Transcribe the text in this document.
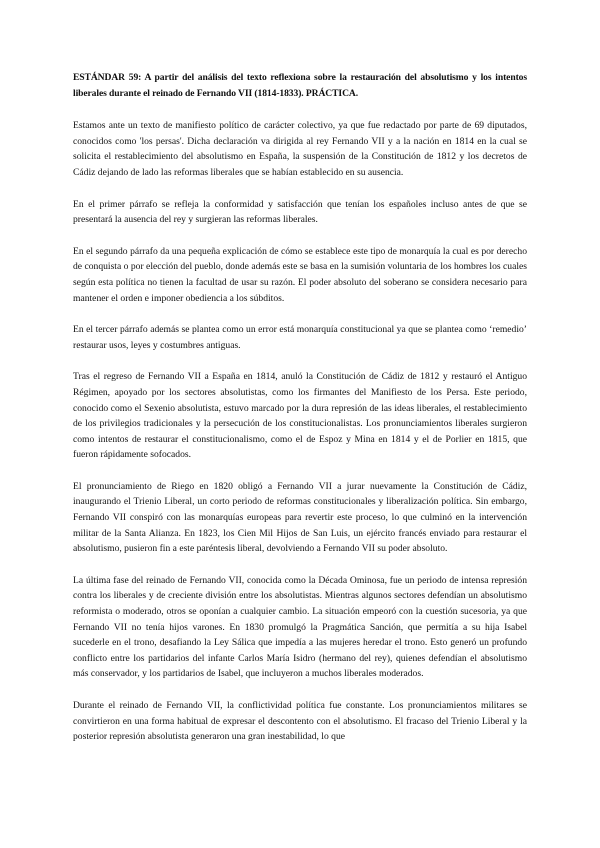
ESTÁNDAR 59: A partir del análisis del texto reflexiona sobre la restauración del absolutismo y los intentos liberales durante el reinado de Fernando VII (1814-1833). PRÁCTICA.

Estamos ante un texto de manifiesto político de carácter colectivo, ya que fue redactado por parte de 69 diputados, conocidos como 'los persas'. Dicha declaración va dirigida al rey Fernando VII y a la nación en 1814 en la cual se solicita el restablecimiento del absolutismo en España, la suspensión de la Constitución de 1812 y los decretos de Cádiz dejando de lado las reformas liberales que se habían establecido en su ausencia.

En el primer párrafo se refleja la conformidad y satisfacción que tenían los españoles incluso antes de que se presentará la ausencia del rey y surgieran las reformas liberales.

En el segundo párrafo da una pequeña explicación de cómo se establece este tipo de monarquía la cual es por derecho de conquista o por elección del pueblo, donde además este se basa en la sumisión voluntaria de los hombres los cuales según esta política no tienen la facultad de usar su razón. El poder absoluto del soberano se considera necesario para mantener el orden e imponer obediencia a los súbditos.

En el tercer párrafo además se plantea como un error está monarquía constitucional ya que se plantea como ‘remedio’ restaurar usos, leyes y costumbres antiguas.

Tras el regreso de Fernando VII a España en 1814, anuló la Constitución de Cádiz de 1812 y restauró el Antiguo Régimen, apoyado por los sectores absolutistas, como los firmantes del Manifiesto de los Persa. Este periodo, conocido como el Sexenio absolutista, estuvo marcado por la dura represión de las ideas liberales, el restablecimiento de los privilegios tradicionales y la persecución de los constitucionalistas. Los pronunciamientos liberales surgieron como intentos de restaurar el constitucionalismo, como el de Espoz y Mina en 1814 y el de Porlier en 1815, que fueron rápidamente sofocados.

El pronunciamiento de Riego en 1820 obligó a Fernando VII a jurar nuevamente la Constitución de Cádiz, inaugurando el Trienio Liberal, un corto periodo de reformas constitucionales y liberalización política. Sin embargo, Fernando VII conspiró con las monarquías europeas para revertir este proceso, lo que culminó en la intervención militar de la Santa Alianza. En 1823, los Cien Mil Hijos de San Luis, un ejército francés enviado para restaurar el absolutismo, pusieron fin a este paréntesis liberal, devolviendo a Fernando VII su poder absoluto.

La última fase del reinado de Fernando VII, conocida como la Década Ominosa, fue un periodo de intensa represión contra los liberales y de creciente división entre los absolutistas. Mientras algunos sectores defendían un absolutismo reformista o moderado, otros se oponían a cualquier cambio. La situación empeoró con la cuestión sucesoria, ya que Fernando VII no tenía hijos varones. En 1830 promulgó la Pragmática Sanción, que permitía a su hija Isabel sucederle en el trono, desafiando la Ley Sálica que impedía a las mujeres heredar el trono. Esto generó un profundo conflicto entre los partidarios del infante Carlos María Isidro (hermano del rey), quienes defendían el absolutismo más conservador, y los partidarios de Isabel, que incluyeron a muchos liberales moderados.

Durante el reinado de Fernando VII, la conflictividad política fue constante. Los pronunciamientos militares se convirtieron en una forma habitual de expresar el descontento con el absolutismo. El fracaso del Trienio Liberal y la posterior represión absolutista generaron una gran inestabilidad, lo que
